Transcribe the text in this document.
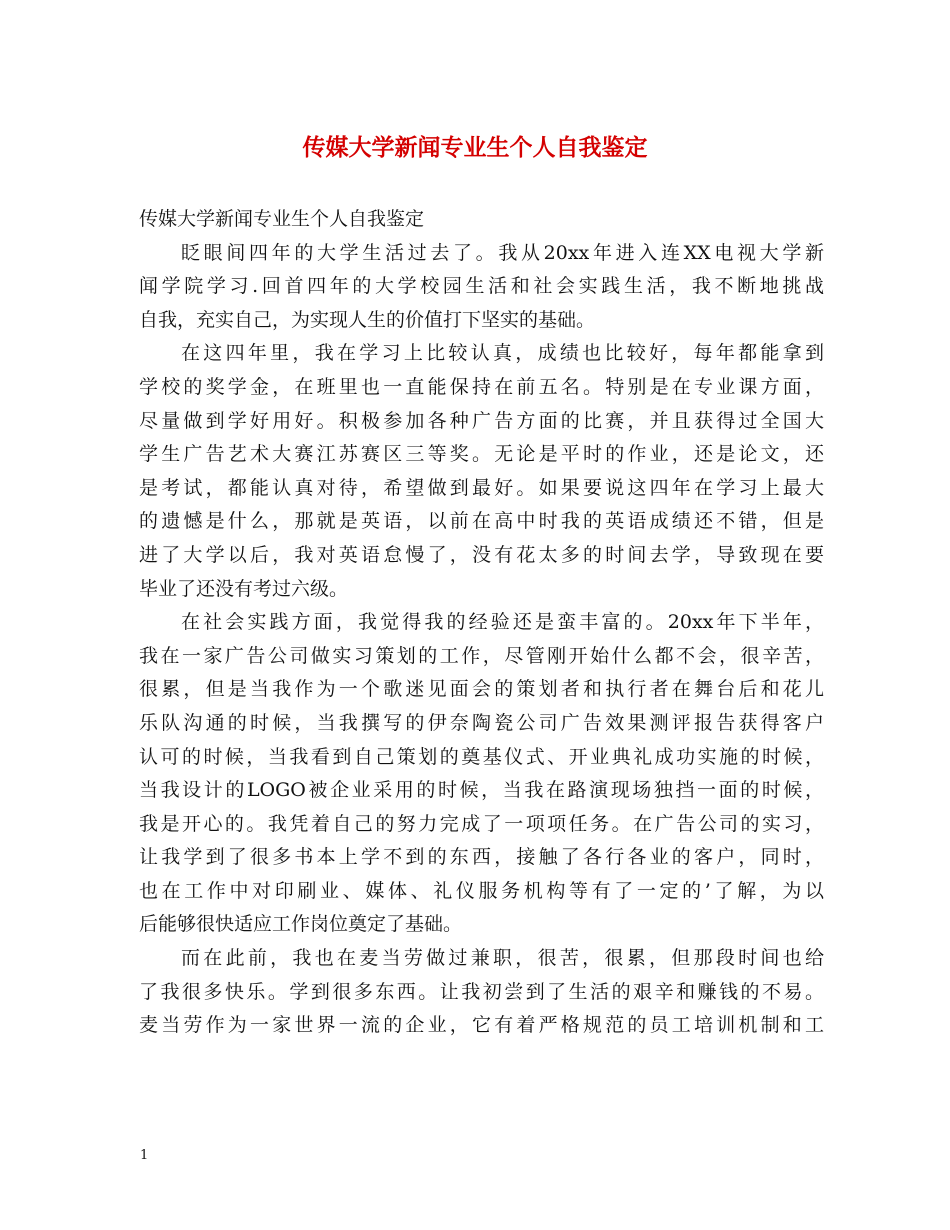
传媒大学新闻专业生个人自我鉴定
传媒大学新闻专业生个人自我鉴定
眨眼间四年的大学生活过去了。我从20xx年进入连XX电视大学新
闻学院学习.回首四年的大学校园生活和社会实践生活，我不断地挑战
自我，充实自己，为实现人生的价值打下坚实的基础。
在这四年里，我在学习上比较认真，成绩也比较好，每年都能拿到
学校的奖学金，在班里也一直能保持在前五名。特别是在专业课方面，
尽量做到学好用好。积极参加各种广告方面的比赛，并且获得过全国大
学生广告艺术大赛江苏赛区三等奖。无论是平时的作业，还是论文，还
是考试，都能认真对待，希望做到最好。如果要说这四年在学习上最大
的遗憾是什么，那就是英语，以前在高中时我的英语成绩还不错，但是
进了大学以后，我对英语怠慢了，没有花太多的时间去学，导致现在要
毕业了还没有考过六级。
在社会实践方面，我觉得我的经验还是蛮丰富的。20xx年下半年，
我在一家广告公司做实习策划的工作，尽管刚开始什么都不会，很辛苦，
很累，但是当我作为一个歌迷见面会的策划者和执行者在舞台后和花儿
乐队沟通的时候，当我撰写的伊奈陶瓷公司广告效果测评报告获得客户
认可的时候，当我看到自己策划的奠基仪式、开业典礼成功实施的时候，
当我设计的LOGO被企业采用的时候，当我在路演现场独挡一面的时候，
我是开心的。我凭着自己的努力完成了一项项任务。在广告公司的实习，
让我学到了很多书本上学不到的东西，接触了各行各业的客户，同时，
也在工作中对印刷业、媒体、礼仪服务机构等有了一定的’了解，为以
后能够很快适应工作岗位奠定了基础。
而在此前，我也在麦当劳做过兼职，很苦，很累，但那段时间也给
了我很多快乐。学到很多东西。让我初尝到了生活的艰辛和赚钱的不易。
麦当劳作为一家世界一流的企业，它有着严格规范的员工培训机制和工
1
